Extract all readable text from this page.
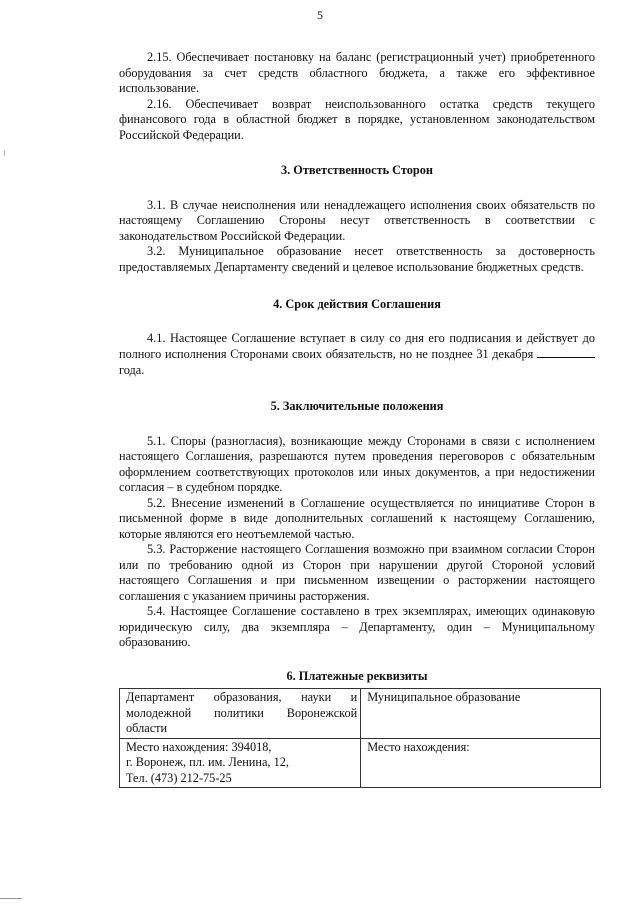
5

2.15. Обеспечивает постановку на баланс (регистрационный учет) приобретенного оборудования за счет средств областного бюджета, а также его эффективное использование.

2.16. Обеспечивает возврат неиспользованного остатка средств текущего финансового года в областной бюджет в порядке, установленном законодательством Российской Федерации.

3. Ответственность Сторон

3.1. В случае неисполнения или ненадлежащего исполнения своих обязательств по настоящему Соглашению Стороны несут ответственность в соответствии с законодательством Российской Федерации.

3.2. Муниципальное образование несет ответственность за достоверность предоставляемых Департаменту сведений и целевое использование бюджетных средств.

4. Срок действия Соглашения

4.1. Настоящее Соглашение вступает в силу со дня его подписания и действует до полного исполнения Сторонами своих обязательств, но не позднее 31 декабря  года.

5. Заключительные положения

5.1. Споры (разногласия), возникающие между Сторонами в связи с исполнением настоящего Соглашения, разрешаются путем проведения переговоров с обязательным оформлением соответствующих протоколов или иных документов, а при недостижении согласия – в судебном порядке.

5.2. Внесение изменений в Соглашение осуществляется по инициативе Сторон в письменной форме в виде дополнительных соглашений к настоящему Соглашению, которые являются его неотъемлемой частью.

5.3. Расторжение настоящего Соглашения возможно при взаимном согласии Сторон или по требованию одной из Сторон при нарушении другой Стороной условий настоящего Соглашения и при письменном извещении о расторжении настоящего соглашения с указанием причины расторжения.

5.4. Настоящее Соглашение составлено в трех экземплярах, имеющих одинаковую юридическую силу, два экземпляра – Департаменту, один – Муниципальному образованию.

6. Платежные реквизиты

Департамент образования, науки и молодежной политики Воронежской области	Муниципальное образование

Место нахождения: 394018,
г. Воронеж, пл. им. Ленина, 12,
Тел. (473) 212-75-25	Место нахождения:
